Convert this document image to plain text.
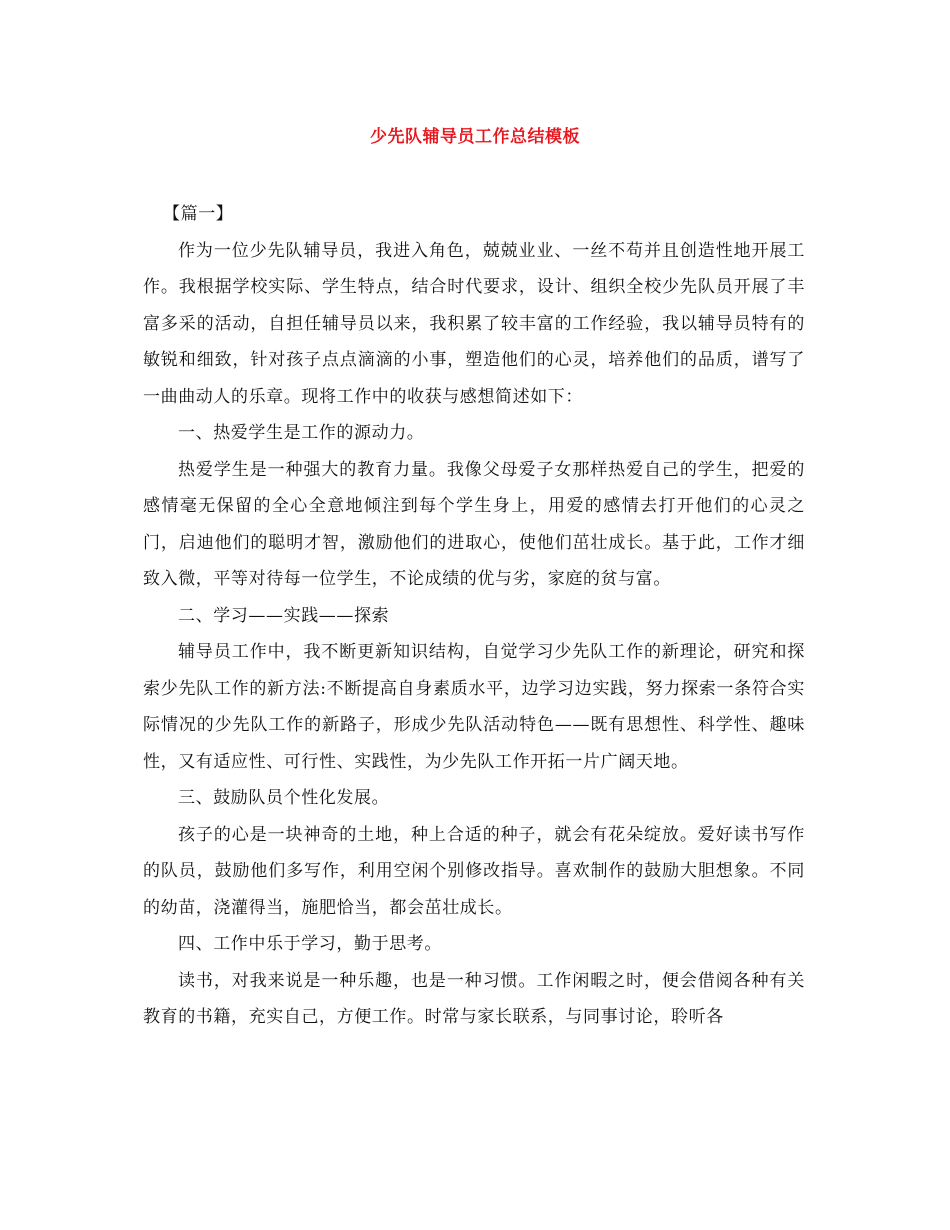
少先队辅导员工作总结模板

【篇一】

作为一位少先队辅导员，我进入角色，兢兢业业、一丝不苟并且创造性地开展工作。我根据学校实际、学生特点，结合时代要求，设计、组织全校少先队员开展了丰富多采的活动，自担任辅导员以来，我积累了较丰富的工作经验，我以辅导员特有的敏锐和细致，针对孩子点点滴滴的小事，塑造他们的心灵，培养他们的品质，谱写了一曲曲动人的乐章。现将工作中的收获与感想简述如下：

一、热爱学生是工作的源动力。

热爱学生是一种强大的教育力量。我像父母爱子女那样热爱自己的学生，把爱的感情毫无保留的全心全意地倾注到每个学生身上，用爱的感情去打开他们的心灵之门，启迪他们的聪明才智，激励他们的进取心，使他们茁壮成长。基于此，工作才细致入微，平等对待每一位学生，不论成绩的优与劣，家庭的贫与富。

二、学习——实践——探索

辅导员工作中，我不断更新知识结构，自觉学习少先队工作的新理论，研究和探索少先队工作的新方法:不断提高自身素质水平，边学习边实践，努力探索一条符合实际情况的少先队工作的新路子，形成少先队活动特色——既有思想性、科学性、趣味性，又有适应性、可行性、实践性，为少先队工作开拓一片广阔天地。

三、鼓励队员个性化发展。

孩子的心是一块神奇的土地，种上合适的种子，就会有花朵绽放。爱好读书写作的队员，鼓励他们多写作，利用空闲个别修改指导。喜欢制作的鼓励大胆想象。不同的幼苗，浇灌得当，施肥恰当，都会茁壮成长。

四、工作中乐于学习，勤于思考。

读书，对我来说是一种乐趣，也是一种习惯。工作闲暇之时，便会借阅各种有关教育的书籍，充实自己，方便工作。时常与家长联系，与同事讨论，聆听各
